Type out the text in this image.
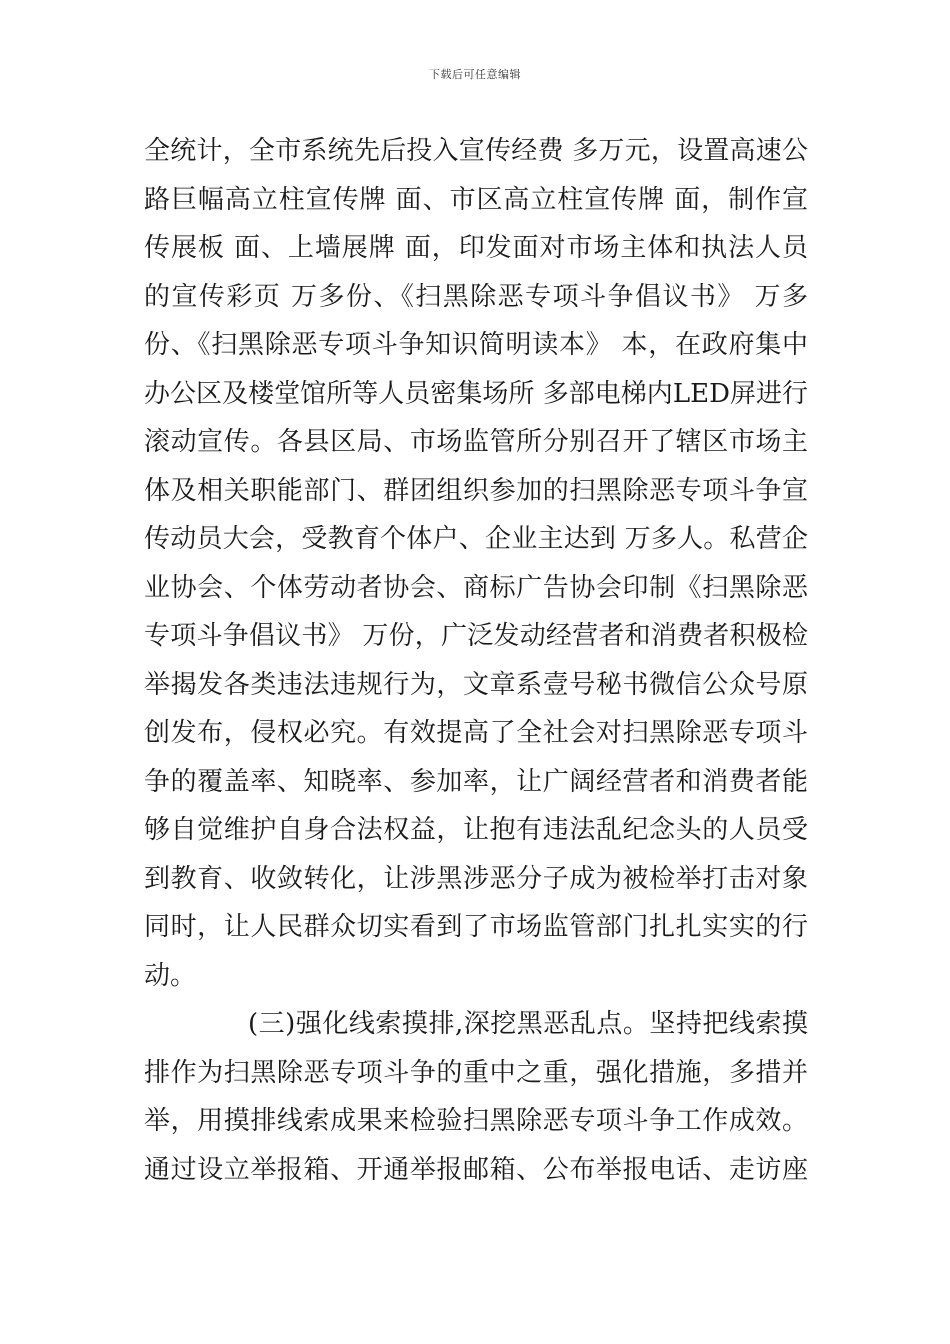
下载后可任意编辑
全统计，全市系统先后投入宣传经费 多万元，设置高速公
路巨幅高立柱宣传牌 面、市区高立柱宣传牌 面，制作宣
传展板 面、上墙展牌 面，印发面对市场主体和执法人员
的宣传彩页 万多份、《扫黑除恶专项斗争倡议书》 万多
份、《扫黑除恶专项斗争知识简明读本》 本，在政府集中
办公区及楼堂馆所等人员密集场所 多部电梯内LED屏进行
滚动宣传。各县区局、市场监管所分别召开了辖区市场主
体及相关职能部门、群团组织参加的扫黑除恶专项斗争宣
传动员大会，受教育个体户、企业主达到 万多人。私营企
业协会、个体劳动者协会、商标广告协会印制《扫黑除恶
专项斗争倡议书》 万份，广泛发动经营者和消费者积极检
举揭发各类违法违规行为，文章系壹号秘书微信公众号原
创发布，侵权必究。有效提高了全社会对扫黑除恶专项斗
争的覆盖率、知晓率、参加率，让广阔经营者和消费者能
够自觉维护自身合法权益，让抱有违法乱纪念头的人员受
到教育、收敛转化，让涉黑涉恶分子成为被检举打击对象
同时，让人民群众切实看到了市场监管部门扎扎实实的行
动。
(三)强化线索摸排,深挖黑恶乱点。坚持把线索摸
排作为扫黑除恶专项斗争的重中之重，强化措施，多措并
举，用摸排线索成果来检验扫黑除恶专项斗争工作成效。
通过设立举报箱、开通举报邮箱、公布举报电话、走访座
